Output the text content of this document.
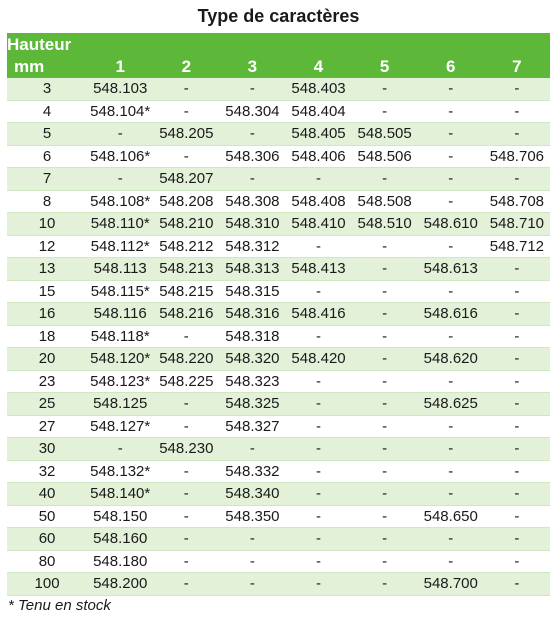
Type de caractères
Hauteur							
mm	1	2	3	4	5	6	7
3	548.103	-	-	548.403	-	-	-
4	548.104*	-	548.304	548.404	-	-	-
5	-	548.205	-	548.405	548.505	-	-
6	548.106*	-	548.306	548.406	548.506	-	548.706
7	-	548.207	-	-	-	-	-
8	548.108*	548.208	548.308	548.408	548.508	-	548.708
10	548.110*	548.210	548.310	548.410	548.510	548.610	548.710
12	548.112*	548.212	548.312	-	-	-	548.712
13	548.113	548.213	548.313	548.413	-	548.613	-
15	548.115*	548.215	548.315	-	-	-	-
16	548.116	548.216	548.316	548.416	-	548.616	-
18	548.118*	-	548.318	-	-	-	-
20	548.120*	548.220	548.320	548.420	-	548.620	-
23	548.123*	548.225	548.323	-	-	-	-
25	548.125	-	548.325	-	-	548.625	-
27	548.127*	-	548.327	-	-	-	-
30	-	548.230	-	-	-	-	-
32	548.132*	-	548.332	-	-	-	-
40	548.140*	-	548.340	-	-	-	-
50	548.150	-	548.350	-	-	548.650	-
60	548.160	-	-	-	-	-	-
80	548.180	-	-	-	-	-	-
100	548.200	-	-	-	-	548.700	-
* Tenu en stock
